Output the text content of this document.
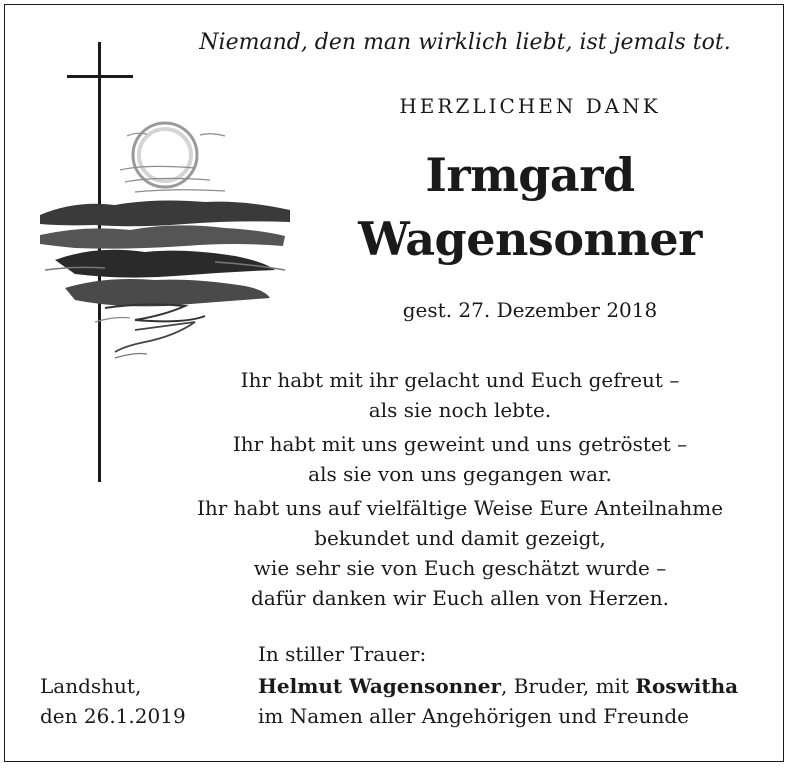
Niemand, den man wirklich liebt, ist jemals tot.
HERZLICHEN DANK
Irmgard
Wagensonner
gest. 27. Dezember 2018
Ihr habt mit ihr gelacht und Euch gefreut –
als sie noch lebte.
Ihr habt mit uns geweint und uns getröstet –
als sie von uns gegangen war.
Ihr habt uns auf vielfältige Weise Eure Anteilnahme
bekundet und damit gezeigt,
wie sehr sie von Euch geschätzt wurde –
dafür danken wir Euch allen von Herzen.
Landshut,
den 26.1.2019
In stiller Trauer:
Helmut Wagensonner, Bruder, mit Roswitha
im Namen aller Angehörigen und Freunde
